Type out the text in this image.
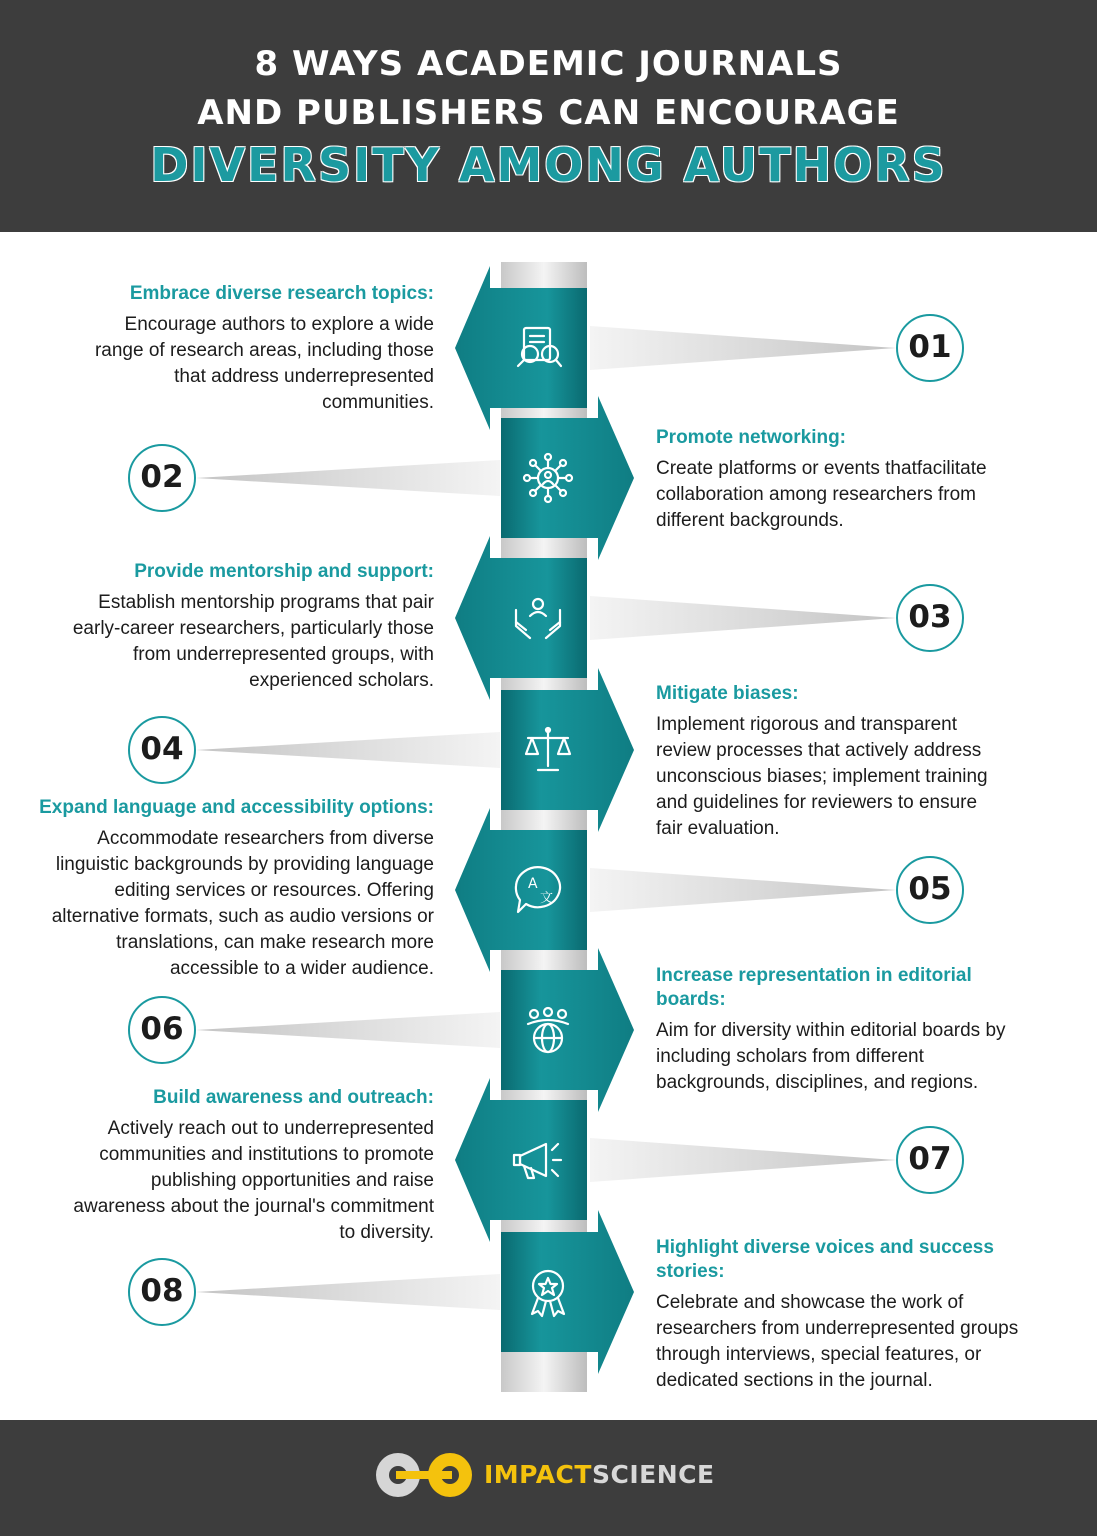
8 WAYS ACADEMIC JOURNALS
AND PUBLISHERS CAN ENCOURAGE
DIVERSITY AMONG AUTHORS
A
文
01
Embrace diverse research topics:
Encourage authors to explore a wide range of research areas, including those that address underrepresented communities.
02
Promote networking:
Create platforms or events thatfacilitate collaboration among researchers from different backgrounds.
03
Provide mentorship and support:
Establish mentorship programs that pair early-career researchers, particularly those from underrepresented groups, with experienced scholars.
04
Mitigate biases:
Implement rigorous and transparent review processes that actively address unconscious biases; implement training and guidelines for reviewers to ensure fair evaluation.
05
Expand language and accessibility options:
Accommodate researchers from diverse linguistic backgrounds by providing language editing services or resources. Offering alternative formats, such as audio versions or translations, can make research more accessible to a wider audience.
06
Increase representation in editorial boards:
Aim for diversity within editorial boards by including scholars from different backgrounds, disciplines, and regions.
07
Build awareness and outreach:
Actively reach out to underrepresented communities and institutions to promote publishing opportunities and raise awareness about the journal's commitment to diversity.
08
Highlight diverse voices and success stories:
Celebrate and showcase the work of researchers from underrepresented groups through interviews, special features, or dedicated sections in the journal.
IMPACTSCIENCE
